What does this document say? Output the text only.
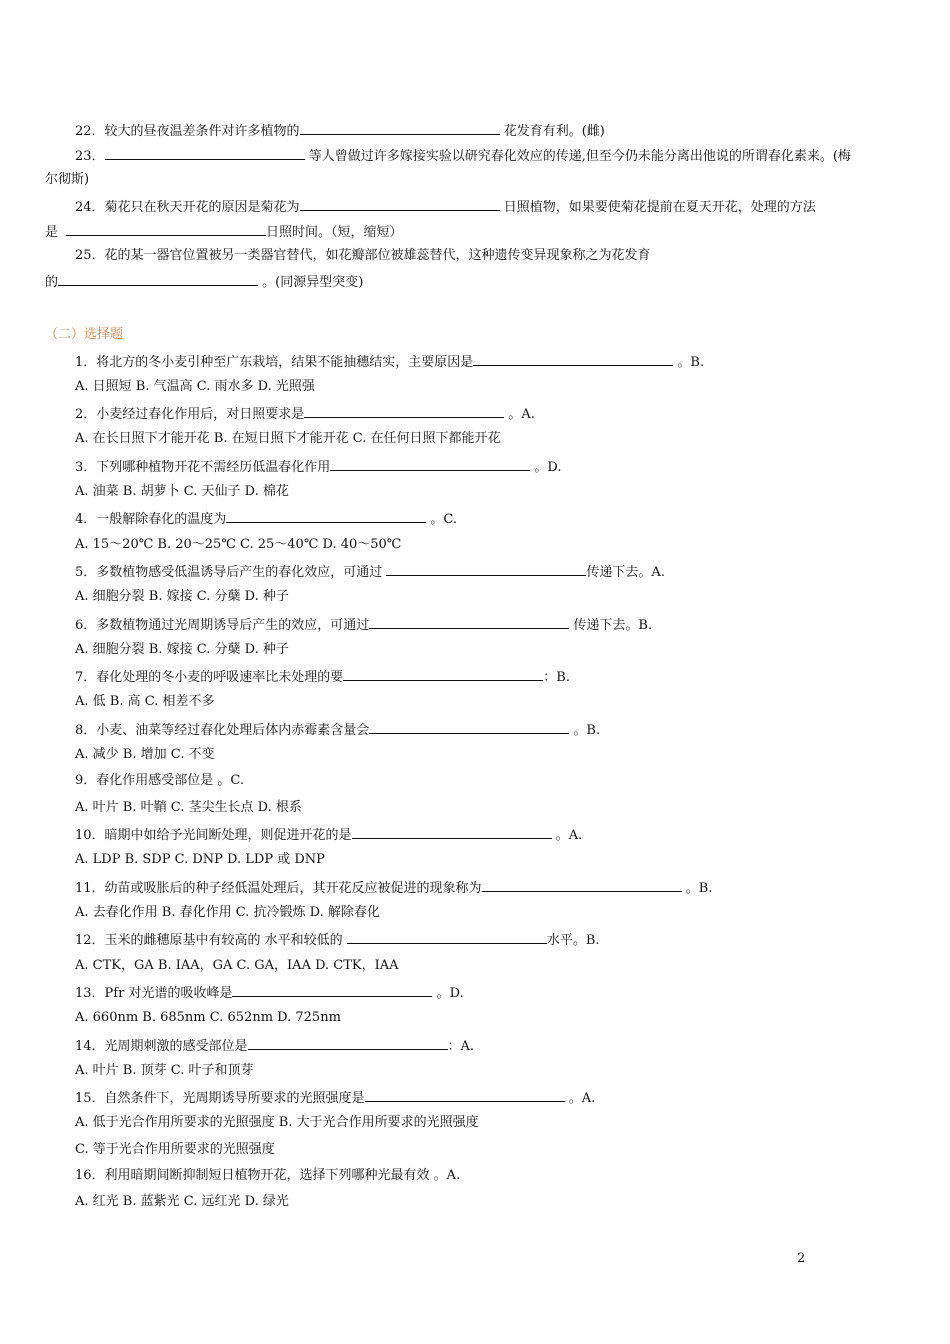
22．较大的昼夜温差条件对许多植物的	花发育有利。(雌)
23．	等人曾做过许多嫁接实验以研究春化效应的传递,但至今仍未能分离出他说的所谓春化素来。(梅
尔彻斯)
24．菊花只在秋天开花的原因是菊花为	日照植物，如果要使菊花提前在夏天开花，处理的方法
是	日照时间。（短，缩短）
25．花的某一器官位置被另一类器官替代，如花瓣部位被雄蕊替代，这种遗传变异现象称之为花发育
的	。(同源异型突变)
（二）选择题
1．将北方的冬小麦引种至广东栽培，结果不能抽穗结实，主要原因是	。B.
A. 日照短 B. 气温高 C. 雨水多 D. 光照强
2．小麦经过春化作用后，对日照要求是	。A.
A. 在长日照下才能开花 B. 在短日照下才能开花 C. 在任何日照下都能开花
3．下列哪种植物开花不需经历低温春化作用	。D.
A. 油菜 B. 胡萝卜 C. 天仙子 D. 棉花
4．一般解除春化的温度为	。C.
A. 15～20℃ B. 20～25℃ C. 25～40℃ D. 40～50℃
5．多数植物感受低温诱导后产生的春化效应，可通过	传递下去。A.
A. 细胞分裂 B. 嫁接 C. 分蘖 D. 种子
6．多数植物通过光周期诱导后产生的效应，可通过	传递下去。B.
A. 细胞分裂 B. 嫁接 C. 分蘖 D. 种子
7．春化处理的冬小麦的呼吸速率比未处理的要	：B.
A. 低 B. 高 C. 相差不多
8．小麦、油菜等经过春化处理后体内赤霉素含量会	。B.
A. 减少 B. 增加 C. 不变
9．春化作用感受部位是 。C.
A. 叶片 B. 叶鞘 C. 茎尖生长点 D. 根系
10．暗期中如给予光间断处理，则促进开花的是	。A.
A. LDP B. SDP C. DNP D. LDP 或 DNP
11．幼苗或吸胀后的种子经低温处理后，其开花反应被促进的现象称为	。B.
A. 去春化作用 B. 春化作用 C. 抗冷锻炼 D. 解除春化
12．玉米的雌穗原基中有较高的 水平和较低的	水平。B.
A. CTK，GA B. IAA，GA C. GA，IAA D. CTK，IAA
13．Pfr 对光谱的吸收峰是	。D.
A. 660nm B. 685nm C. 652nm D. 725nm
14．光周期刺激的感受部位是	：A.
A. 叶片 B. 顶芽 C. 叶子和顶芽
15．自然条件下，光周期诱导所要求的光照强度是	。A.
A. 低于光合作用所要求的光照强度 B. 大于光合作用所要求的光照强度
C. 等于光合作用所要求的光照强度
16．利用暗期间断抑制短日植物开花，选择下列哪种光最有效 。A.
A. 红光 B. 蓝紫光 C. 远红光 D. 绿光
2
